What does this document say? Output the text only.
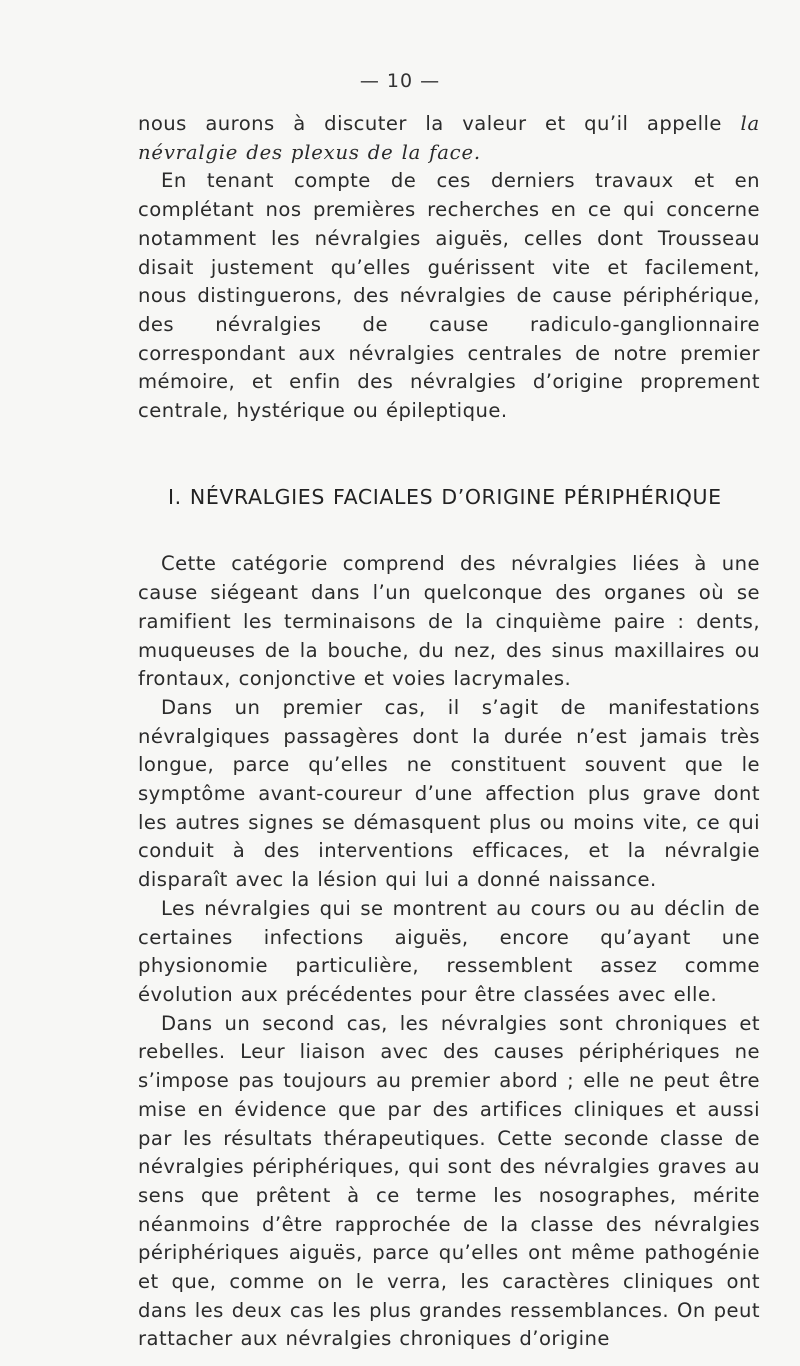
— 10 —

nous aurons à discuter la valeur et qu’il appelle la névralgie des plexus de la face.

En tenant compte de ces derniers travaux et en complétant nos premières recherches en ce qui concerne notamment les névralgies aiguës, celles dont Trousseau disait justement qu’elles guérissent vite et facilement, nous distinguerons, des névralgies de cause périphérique, des névralgies de cause radiculo-ganglionnaire correspondant aux névralgies centrales de notre premier mémoire, et enfin des névralgies d’origine proprement centrale, hystérique ou épileptique.

I. NÉVRALGIES FACIALES D’ORIGINE PÉRIPHÉRIQUE

Cette catégorie comprend des névralgies liées à une cause siégeant dans l’un quelconque des organes où se ramifient les terminaisons de la cinquième paire : dents, muqueuses de la bouche, du nez, des sinus maxillaires ou frontaux, conjonctive et voies lacrymales.

Dans un premier cas, il s’agit de manifestations névralgiques passagères dont la durée n’est jamais très longue, parce qu’elles ne constituent souvent que le symptôme avant-coureur d’une affection plus grave dont les autres signes se démasquent plus ou moins vite, ce qui conduit à des interventions efficaces, et la névralgie disparaît avec la lésion qui lui a donné naissance.

Les névralgies qui se montrent au cours ou au déclin de certaines infections aiguës, encore qu’ayant une physionomie particulière, ressemblent assez comme évolution aux précédentes pour être classées avec elle.

Dans un second cas, les névralgies sont chroniques et rebelles. Leur liaison avec des causes périphériques ne s’impose pas toujours au premier abord ; elle ne peut être mise en évidence que par des artifices cliniques et aussi par les résultats thérapeutiques. Cette seconde classe de névralgies périphériques, qui sont des névralgies graves au sens que prêtent à ce terme les nosographes, mérite néanmoins d’être rapprochée de la classe des névralgies périphériques aiguës, parce qu’elles ont même pathogénie et que, comme on le verra, les caractères cliniques ont dans les deux cas les plus grandes ressemblances. On peut rattacher aux névralgies chroniques d’origine
